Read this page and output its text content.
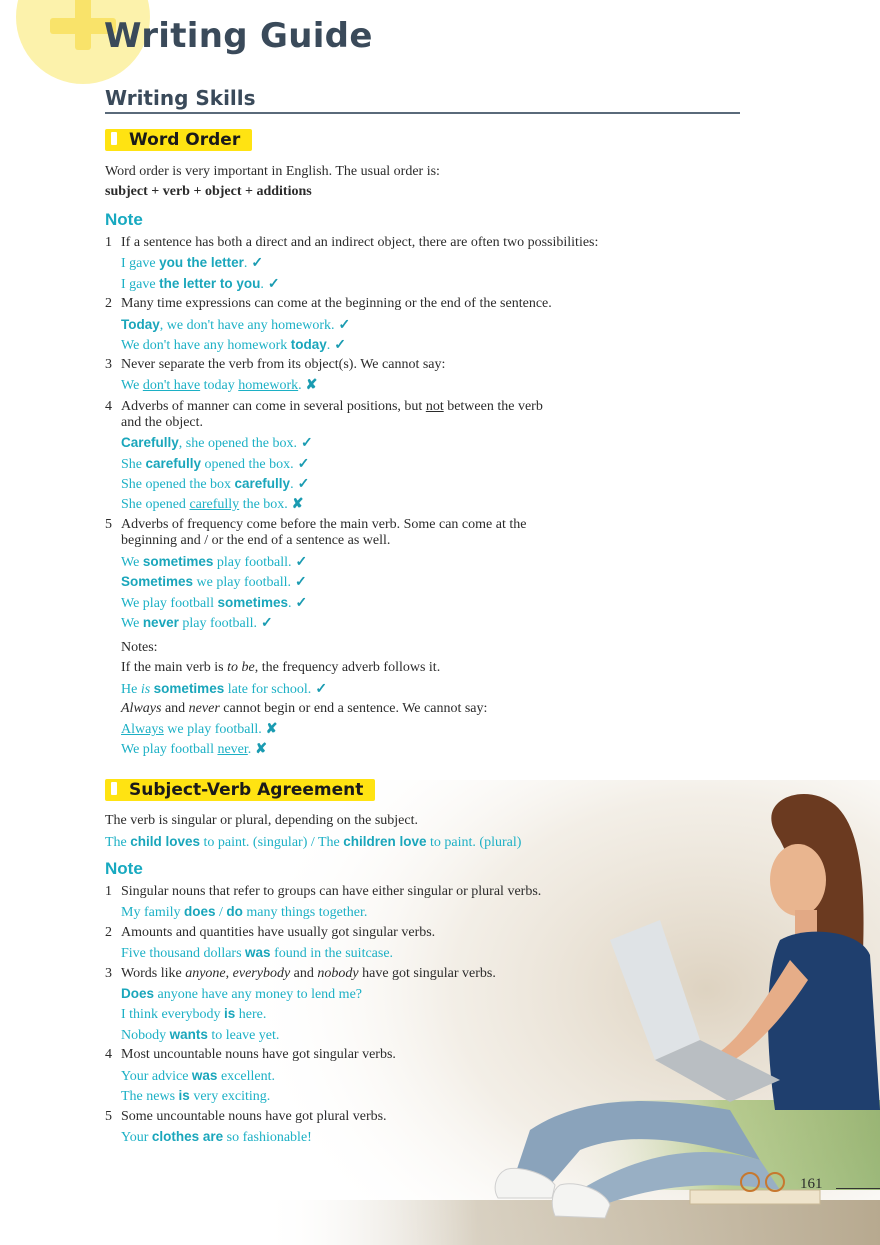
Writing Guide
Writing Skills
Word Order
Word order is very important in English. The usual order is:
subject + verb + object + additions
Note
1 If a sentence has both a direct and an indirect object, there are often two possibilities:
I gave you the letter. ✓
I gave the letter to you. ✓
2 Many time expressions can come at the beginning or the end of the sentence.
Today, we don't have any homework. ✓
We don't have any homework today. ✓
3 Never separate the verb from its object(s). We cannot say:
We don't have today homework. ✘
4 Adverbs of manner can come in several positions, but not between the verb
and the object.
Carefully, she opened the box. ✓
She carefully opened the box. ✓
She opened the box carefully. ✓
She opened carefully the box. ✘
5 Adverbs of frequency come before the main verb. Some can come at the
beginning and / or the end of a sentence as well.
We sometimes play football. ✓
Sometimes we play football. ✓
We play football sometimes. ✓
We never play football. ✓
Notes:
If the main verb is to be, the frequency adverb follows it.
He is sometimes late for school. ✓
Always and never cannot begin or end a sentence. We cannot say:
Always we play football. ✘
We play football never. ✘
Subject-Verb Agreement
The verb is singular or plural, depending on the subject.
The child loves to paint. (singular) / The children love to paint. (plural)
Note
1 Singular nouns that refer to groups can have either singular or plural verbs.
My family does / do many things together.
2 Amounts and quantities have usually got singular verbs.
Five thousand dollars was found in the suitcase.
3 Words like anyone, everybody and nobody have got singular verbs.
Does anyone have any money to lend me?
I think everybody is here.
Nobody wants to leave yet.
4 Most uncountable nouns have got singular verbs.
Your advice was excellent.
The news is very exciting.
5 Some uncountable nouns have got plural verbs.
Your clothes are so fashionable!
161
